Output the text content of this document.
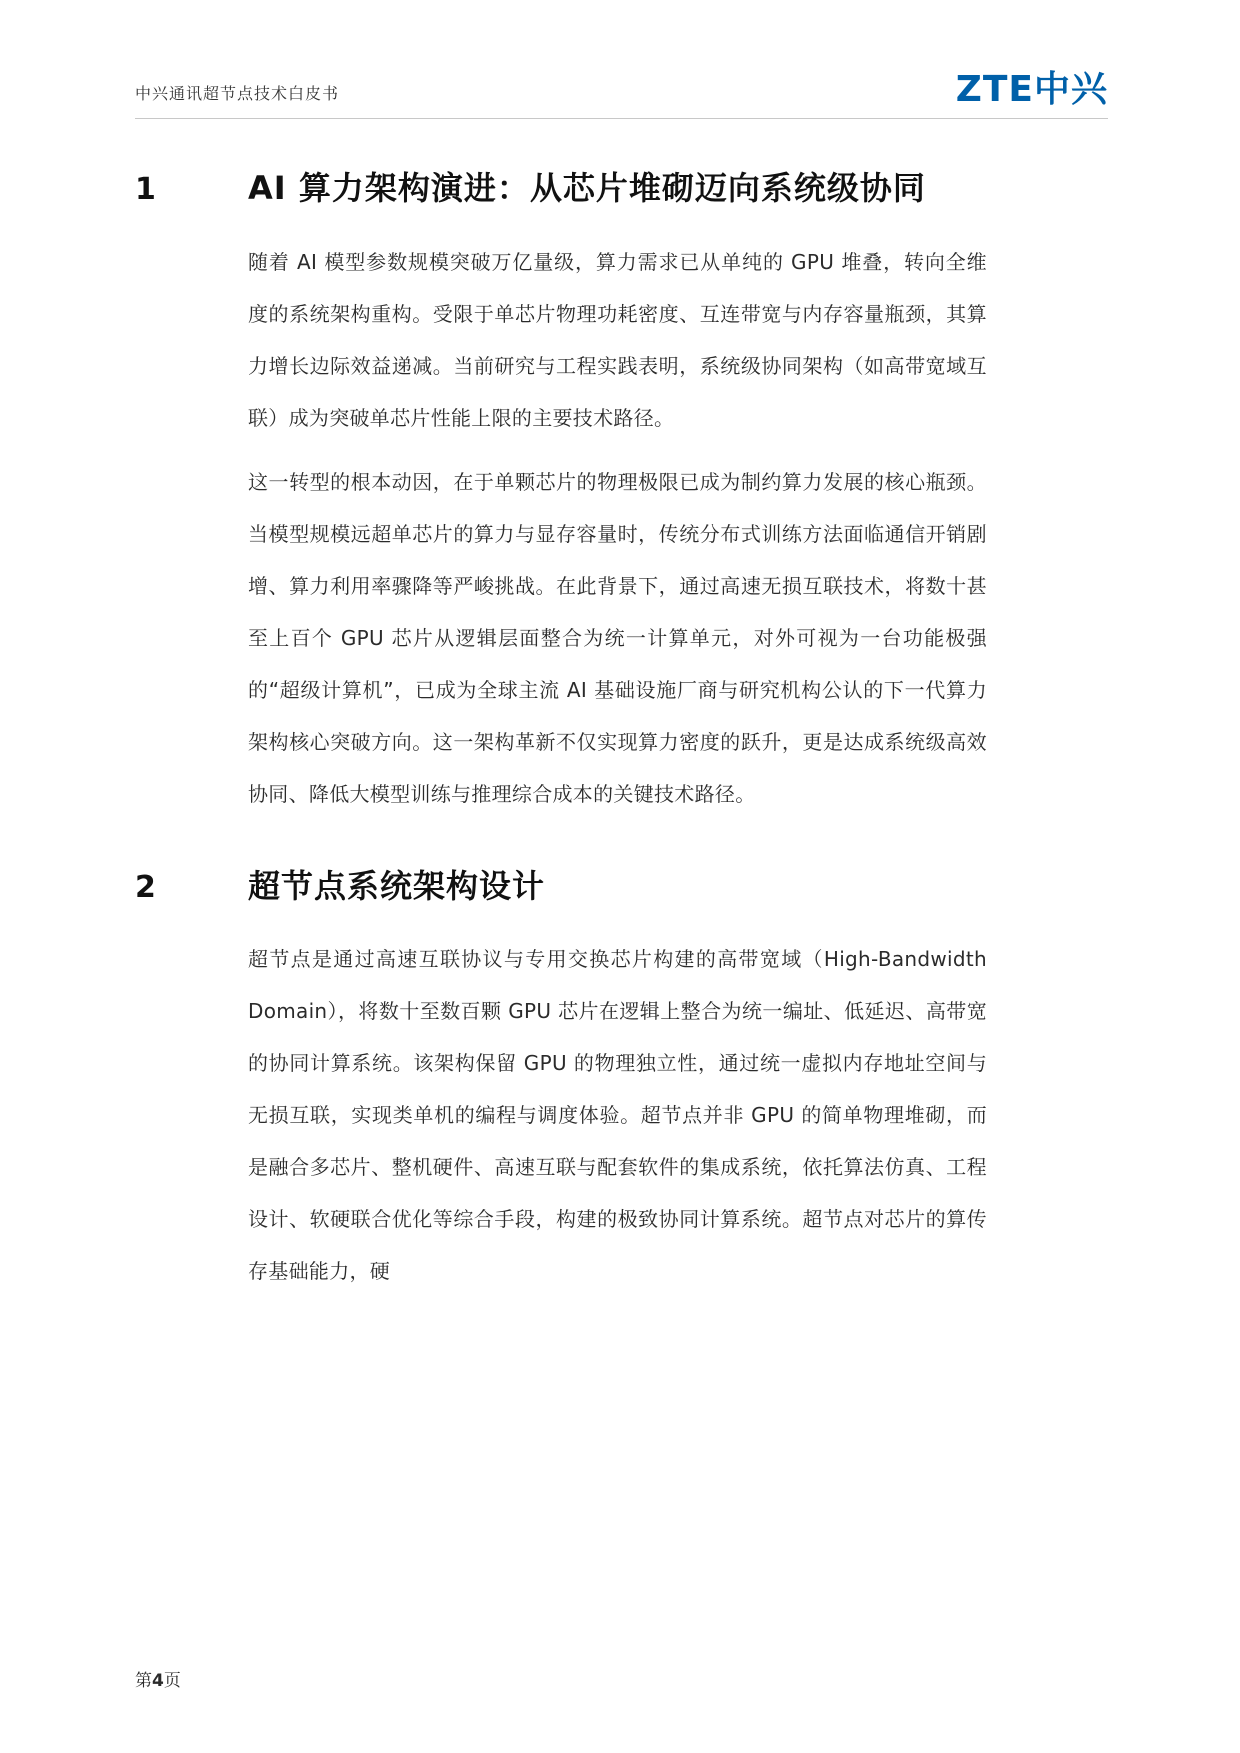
中兴通讯超节点技术白皮书	ZTE中兴
1	AI 算力架构演进：从芯片堆砌迈向系统级协同

随着 AI 模型参数规模突破万亿量级，算力需求已从单纯的 GPU 堆叠，转向全维度的系统架构重构。受限于单芯片物理功耗密度、互连带宽与内存容量瓶颈，其算力增长边际效益递减。当前研究与工程实践表明，系统级协同架构（如高带宽域互联）成为突破单芯片性能上限的主要技术路径。

这一转型的根本动因，在于单颗芯片的物理极限已成为制约算力发展的核心瓶颈。当模型规模远超单芯片的算力与显存容量时，传统分布式训练方法面临通信开销剧增、算力利用率骤降等严峻挑战。在此背景下，通过高速无损互联技术，将数十甚至上百个 GPU 芯片从逻辑层面整合为统一计算单元，对外可视为一台功能极强的“超级计算机”，已成为全球主流 AI 基础设施厂商与研究机构公认的下一代算力架构核心突破方向。这一架构革新不仅实现算力密度的跃升，更是达成系统级高效协同、降低大模型训练与推理综合成本的关键技术路径。

2	超节点系统架构设计

超节点是通过高速互联协议与专用交换芯片构建的高带宽域（High-Bandwidth Domain），将数十至数百颗 GPU 芯片在逻辑上整合为统一编址、低延迟、高带宽的协同计算系统。该架构保留 GPU 的物理独立性，通过统一虚拟内存地址空间与无损互联，实现类单机的编程与调度体验。超节点并非 GPU 的简单物理堆砌，而是融合多芯片、整机硬件、高速互联与配套软件的集成系统，依托算法仿真、工程设计、软硬联合优化等综合手段，构建的极致协同计算系统。超节点对芯片的算传存基础能力，硬

第4页
